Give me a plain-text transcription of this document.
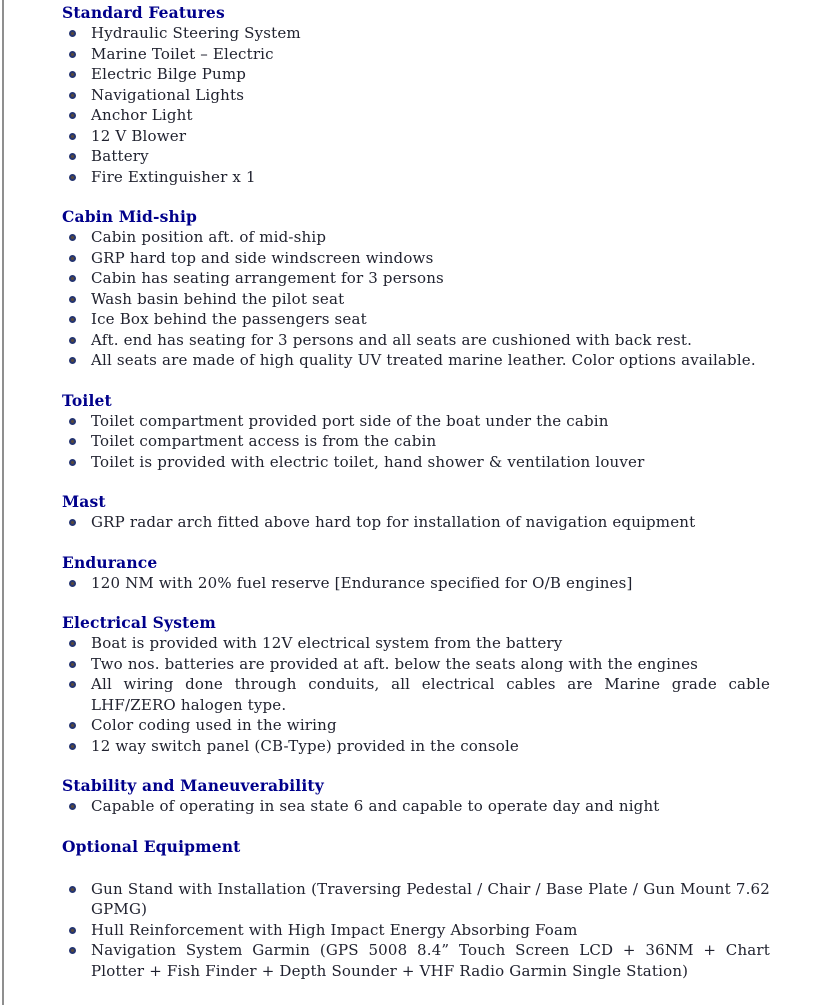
Standard Features
Hydraulic Steering System
Marine Toilet – Electric
Electric Bilge Pump
Navigational Lights
Anchor Light
12 V Blower
Battery
Fire Extinguisher x 1
Cabin Mid-ship
Cabin position aft. of mid-ship
GRP hard top and side windscreen windows
Cabin has seating arrangement for 3 persons
Wash basin behind the pilot seat
Ice Box behind the passengers seat
Aft. end has seating for 3 persons and all seats are cushioned with back rest.
All seats are made of high quality UV treated marine leather. Color options available.
Toilet
Toilet compartment provided port side of the boat under the cabin
Toilet compartment access is from the cabin
Toilet is provided with electric toilet, hand shower & ventilation louver
Mast
GRP radar arch fitted above hard top for installation of navigation equipment
Endurance
120 NM with 20% fuel reserve [Endurance specified for O/B engines]
Electrical System
Boat is provided with 12V electrical system from the battery
Two nos. batteries are provided at aft. below the seats along with the engines
All wiring done through conduits, all electrical cables are Marine grade cable LHF/ZERO halogen type.
Color coding used in the wiring
12 way switch panel (CB-Type) provided in the console
Stability and Maneuverability
Capable of operating in sea state 6 and capable to operate day and night
Optional Equipment
Gun Stand with Installation (Traversing Pedestal / Chair / Base Plate / Gun Mount 7.62 GPMG)
Hull Reinforcement with High Impact Energy Absorbing Foam
Navigation System Garmin (GPS 5008 8.4” Touch Screen LCD + 36NM + Chart Plotter + Fish Finder + Depth Sounder + VHF Radio Garmin Single Station)
